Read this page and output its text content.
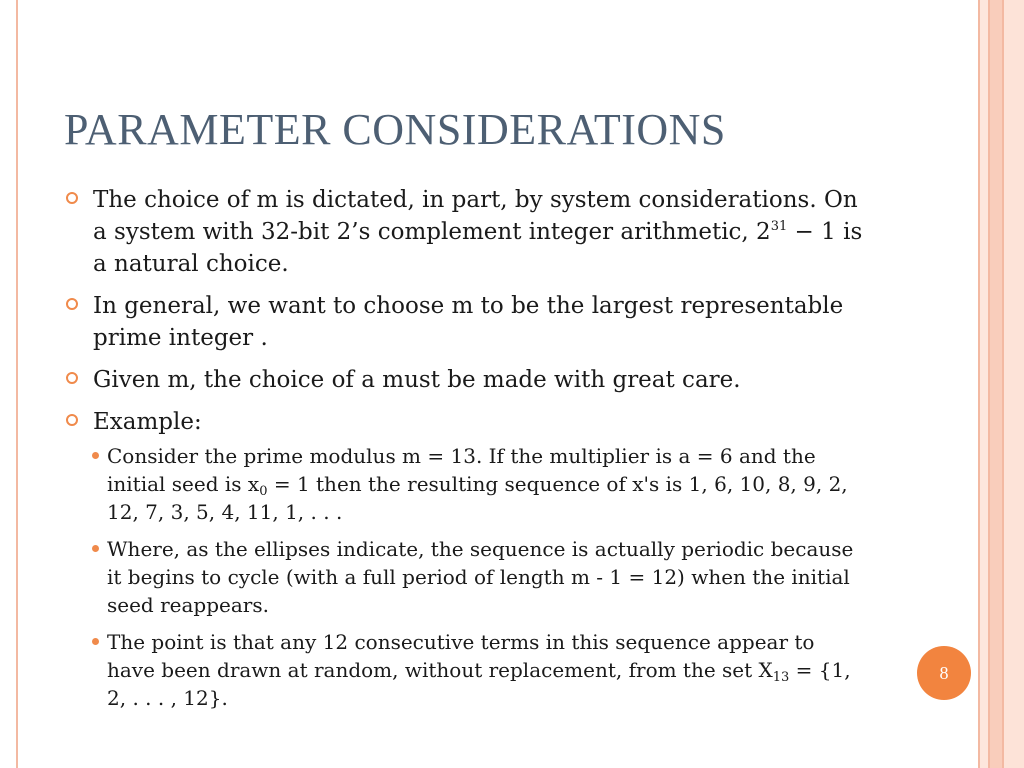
PARAMETER CONSIDERATIONS
The choice of m is dictated, in part, by system considerations. On a system with 32-bit 2’s complement integer arithmetic, $2^{31} - 1$ is a natural choice.
In general, we want to choose m to be the largest representable prime integer .
Given m, the choice of a must be made with great care.
Example:
Consider the prime modulus m = 13. If the multiplier is a = 6 and the initial seed is $x_0 = 1$ then the resulting sequence of x's is 1, 6, 10, 8, 9, 2, 12, 7, 3, 5, 4, 11, 1, . . .
Where, as the ellipses indicate, the sequence is actually periodic because it begins to cycle (with a full period of length m - 1 = 12) when the initial seed reappears.
The point is that any 12 consecutive terms in this sequence appear to have been drawn at random, without replacement, from the set $X_{13} = \{1$, 2, . . . , 12}.
8
